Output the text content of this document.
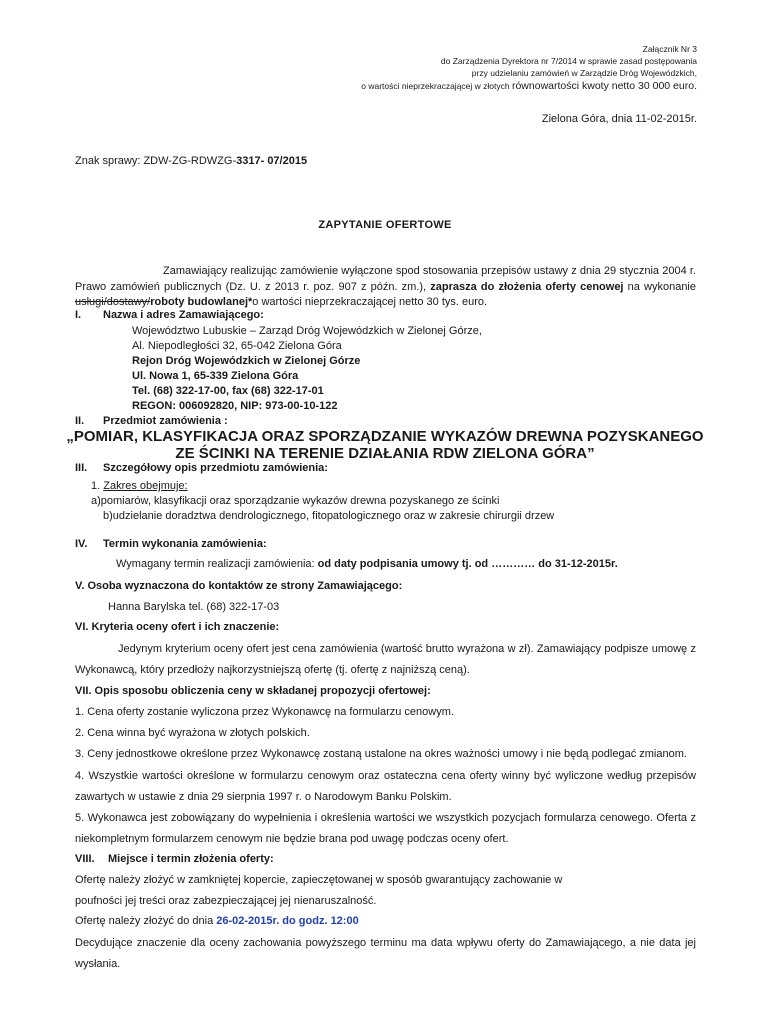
Załącznik Nr 3
do Zarządzenia Dyrektora nr 7/2014 w sprawie zasad postępowania
przy udzielaniu zamówień w Zarządzie Dróg Wojewódzkich,
o wartości nieprzekraczającej w złotych równowartości kwoty netto 30 000 euro.
Zielona Góra, dnia 11-02-2015r.
Znak sprawy: ZDW-ZG-RDWZG-3317- 07/2015
ZAPYTANIE OFERTOWE
Zamawiający realizując zamówienie wyłączone spod stosowania przepisów ustawy z dnia 29 stycznia 2004 r.
Prawo zamówień publicznych (Dz. U. z 2013 r. poz. 907 z późn. zm.), zaprasza do złożenia oferty cenowej na wykonanie
usługi/dostawy/roboty budowlanej*o wartości nieprzekraczającej netto 30 tys. euro.
I. Nazwa i adres Zamawiającego:
Województwo Lubuskie – Zarząd Dróg Wojewódzkich w Zielonej Górze,
Al. Niepodległości 32, 65-042 Zielona Góra
Rejon Dróg Wojewódzkich w Zielonej Górze
Ul. Nowa 1, 65-339 Zielona Góra
Tel. (68) 322-17-00, fax (68) 322-17-01
REGON: 006092820, NIP: 973-00-10-122
II. Przedmiot zamówienia :
„POMIAR, KLASYFIKACJA ORAZ SPORZĄDZANIE WYKAZÓW DREWNA POZYSKANEGO
ZE ŚCINKI NA TERENIE DZIAŁANIA RDW ZIELONA GÓRA”
III. Szczegółowy opis przedmiotu zamówienia:
1. Zakres obejmuje:
a)pomiarów, klasyfikacji oraz sporządzanie wykazów drewna pozyskanego ze ścinki
b)udzielanie doradztwa dendrologicznego, fitopatologicznego oraz w zakresie chirurgii drzew
IV. Termin wykonania zamówienia:
Wymagany termin realizacji zamówienia: od daty podpisania umowy tj. od ………… do 31-12-2015r.
V. Osoba wyznaczona do kontaktów ze strony Zamawiającego:
Hanna Barylska tel. (68) 322-17-03
VI. Kryteria oceny ofert i ich znaczenie:
Jedynym kryterium oceny ofert jest cena zamówienia (wartość brutto wyrażona w zł). Zamawiający podpisze umowę z
Wykonawcą, który przedłoży najkorzystniejszą ofertę (tj. ofertę z najniższą ceną).
VII. Opis sposobu obliczenia ceny w składanej propozycji ofertowej:
1. Cena oferty zostanie wyliczona przez Wykonawcę na formularzu cenowym.
2. Cena winna być wyrażona w złotych polskich.
3. Ceny jednostkowe określone przez Wykonawcę zostaną ustalone na okres ważności umowy i nie będą podlegać zmianom.
4. Wszystkie wartości określone w formularzu cenowym oraz ostateczna cena oferty winny być wyliczone według przepisów
zawartych w ustawie z dnia 29 sierpnia 1997 r. o Narodowym Banku Polskim.
5. Wykonawca jest zobowiązany do wypełnienia i określenia wartości we wszystkich pozycjach formularza cenowego. Oferta z
niekompletnym formularzem cenowym nie będzie brana pod uwagę podczas oceny ofert.
VIII. Miejsce i termin złożenia oferty:
Ofertę należy złożyć w zamkniętej kopercie, zapieczętowanej w sposób gwarantujący zachowanie w
poufności jej treści oraz zabezpieczającej jej nienaruszalność.
Ofertę należy złożyć do dnia 26-02-2015r. do godz. 12:00
Decydujące znaczenie dla oceny zachowania powyższego terminu ma data wpływu oferty do Zamawiającego, a nie data jej
wysłania.
